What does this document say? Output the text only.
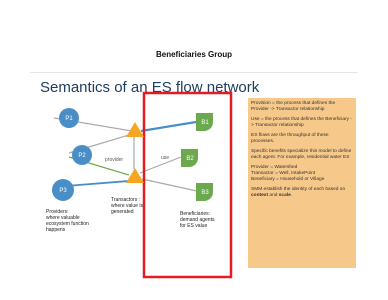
Beneficiaries Group
Semantics of an ES flow network
P1
P2
P3
B1
B2
B3
provider	use
Providers:
where valuable
ecosystem function
happens
Transactors :
where value is
generated	Beneficiaries:
demand agents
for ES value

Provision = the process that defines the Provider -> Transactor relationship

Use = the process that defines the Beneficiary -> Transactor relationship

ES flows are the throughput of these processes.

Specific benefits specialize this model to define each agent. For example, residential water ES

Provider = Watershed
Transactor = Well, IntakePoint
Beneficiary = Household or Village

SMM establish the identity of each based on context and scale.
